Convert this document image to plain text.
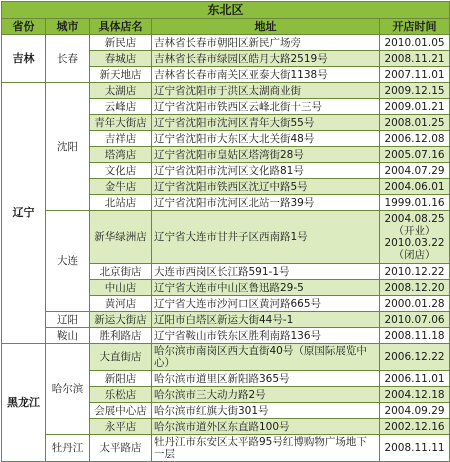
东北区				
省份	城市	具体店名	地址	开店时间
吉林	长春	新民店	吉林省长春市朝阳区新民广场旁	2010.01.05
		春城店	吉林省长春市绿园区皓月大路2519号	2008.11.21
		新天地店	吉林省长春市南关区亚泰大街1138号	2007.11.01
辽宁	沈阳	太湖店	辽宁省沈阳市于洪区太湖商业街	2009.12.15
		云峰店	辽宁省沈阳市铁西区云峰北街十三号	2009.01.21
		青年大街店	辽宁省沈阳市沈河区青年大街55号	2008.01.25
		吉祥店	辽宁省沈阳市大东区大北关街48号	2006.12.08
		塔湾店	辽宁省沈阳市皇姑区塔湾街28号	2005.07.16
		文化店	辽宁省沈阳市沈河区文化路81号	2004.07.29
		金牛店	辽宁省沈阳市铁西区沈辽中路5号	2004.06.01
		北站店	辽宁省沈阳市沈河区北站一路39号	1999.01.16
	大连	新华绿洲店	辽宁省大连市甘井子区西南路1号	2004.08.25 （开业） 2010.03.22 （闭店）
		北京街店	大连市西岗区长江路591-1号	2010.12.22
		中山店	辽宁省大连市中山区鲁迅路29-5	2008.12.20
		黄河店	辽宁省大连市沙河口区黄河路665号	2000.01.28
	辽阳	新运大街店	辽阳市白塔区新运大街44号-1	2010.07.06
	鞍山	胜利路店	辽宁省鞍山市铁东区胜利南路136号	2008.11.18
黑龙江	哈尔滨	大直街店	哈尔滨市南岗区西大直街40号（原国际展览中心）	2006.12.22
		新阳店	哈尔滨市道里区新阳路365号	2006.11.01
		乐松店	哈尔滨市三大动力路2号	2004.12.18
		会展中心店	哈尔滨市红旗大街301号	2004.09.29
		永平店	哈尔滨市道外区东直路100号	2002.12.16
	牡丹江	太平路店	牡丹江市东安区太平路95号红博购物广场地下一层	2008.11.11
